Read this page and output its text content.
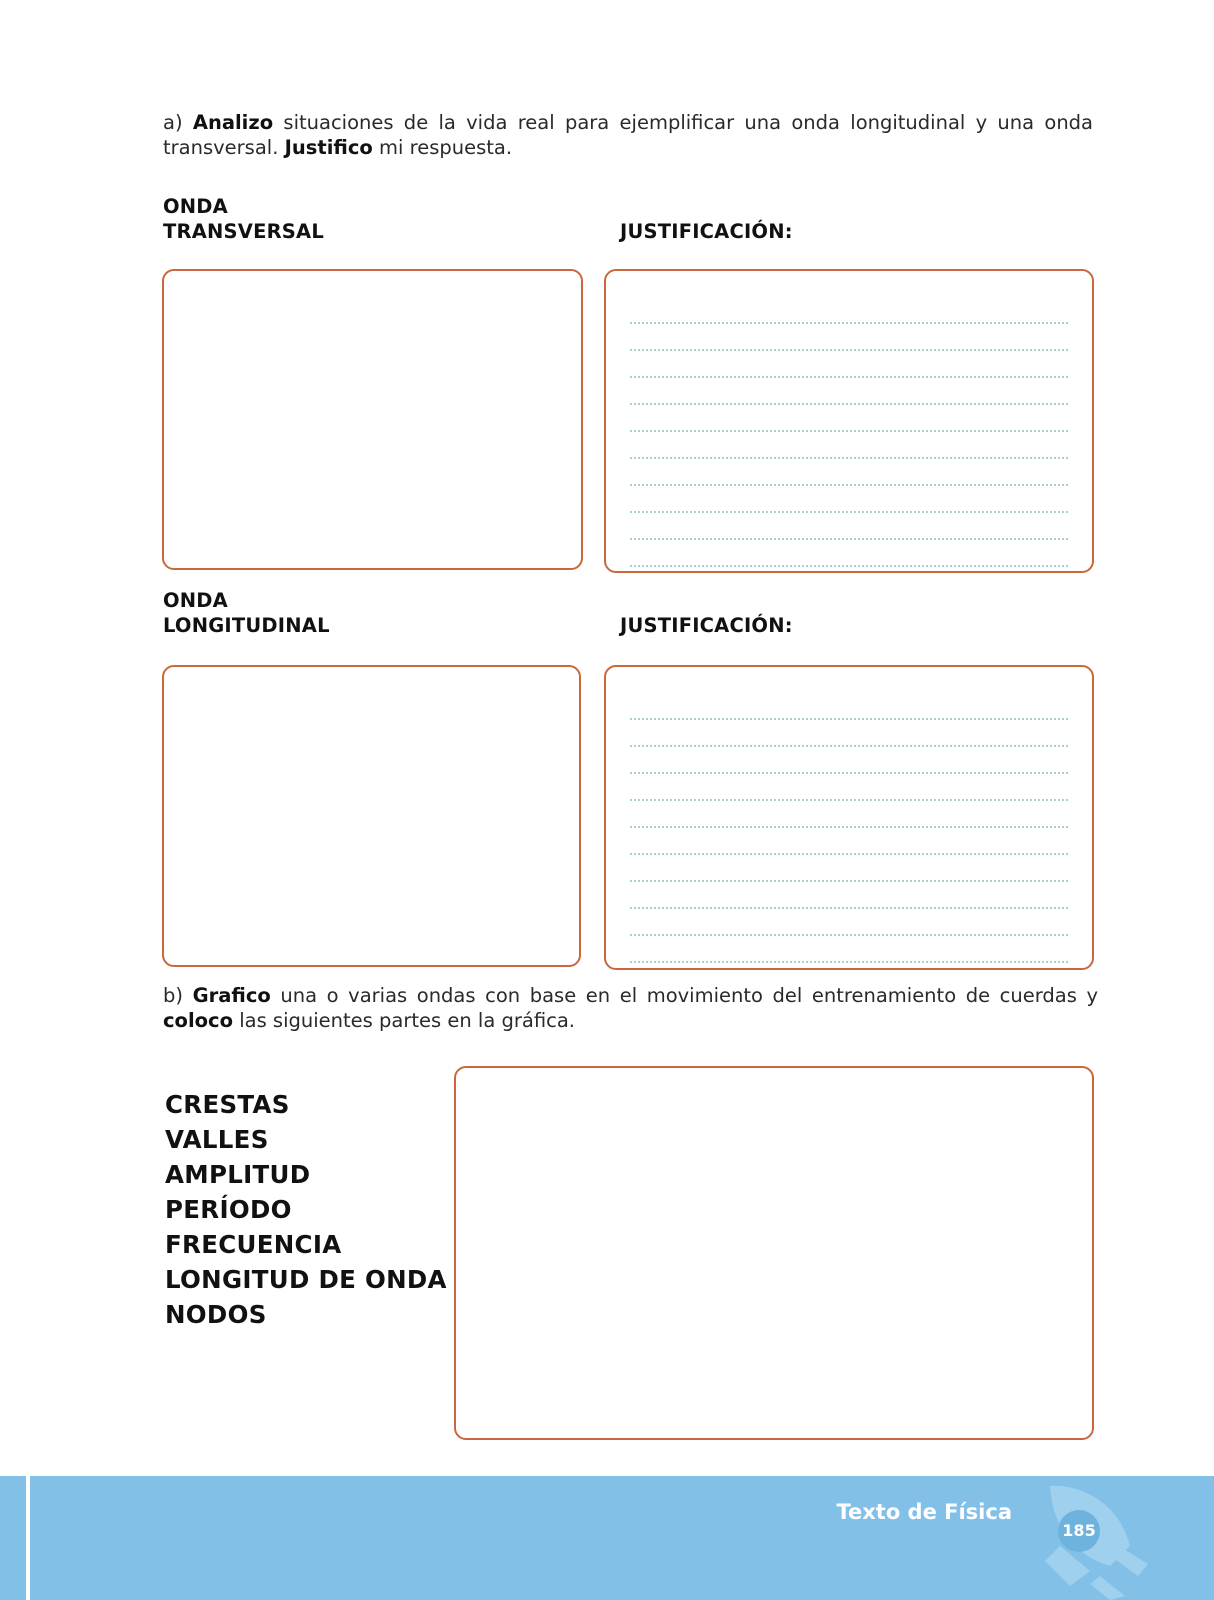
a) Analizo situaciones de la vida real para ejemplificar una onda longitudinal y una onda transversal. Justifico mi respuesta.
ONDA
TRANSVERSAL	JUSTIFICACIÓN:
ONDA
LONGITUDINAL	JUSTIFICACIÓN:
b) Grafico una o varias ondas con base en el movimiento del entrenamiento de cuerdas y coloco las siguientes partes en la gráfica.
CRESTAS
VALLES
AMPLITUD
PERÍODO
FRECUENCIA
LONGITUD DE ONDA
NODOS
Texto de Física
185
